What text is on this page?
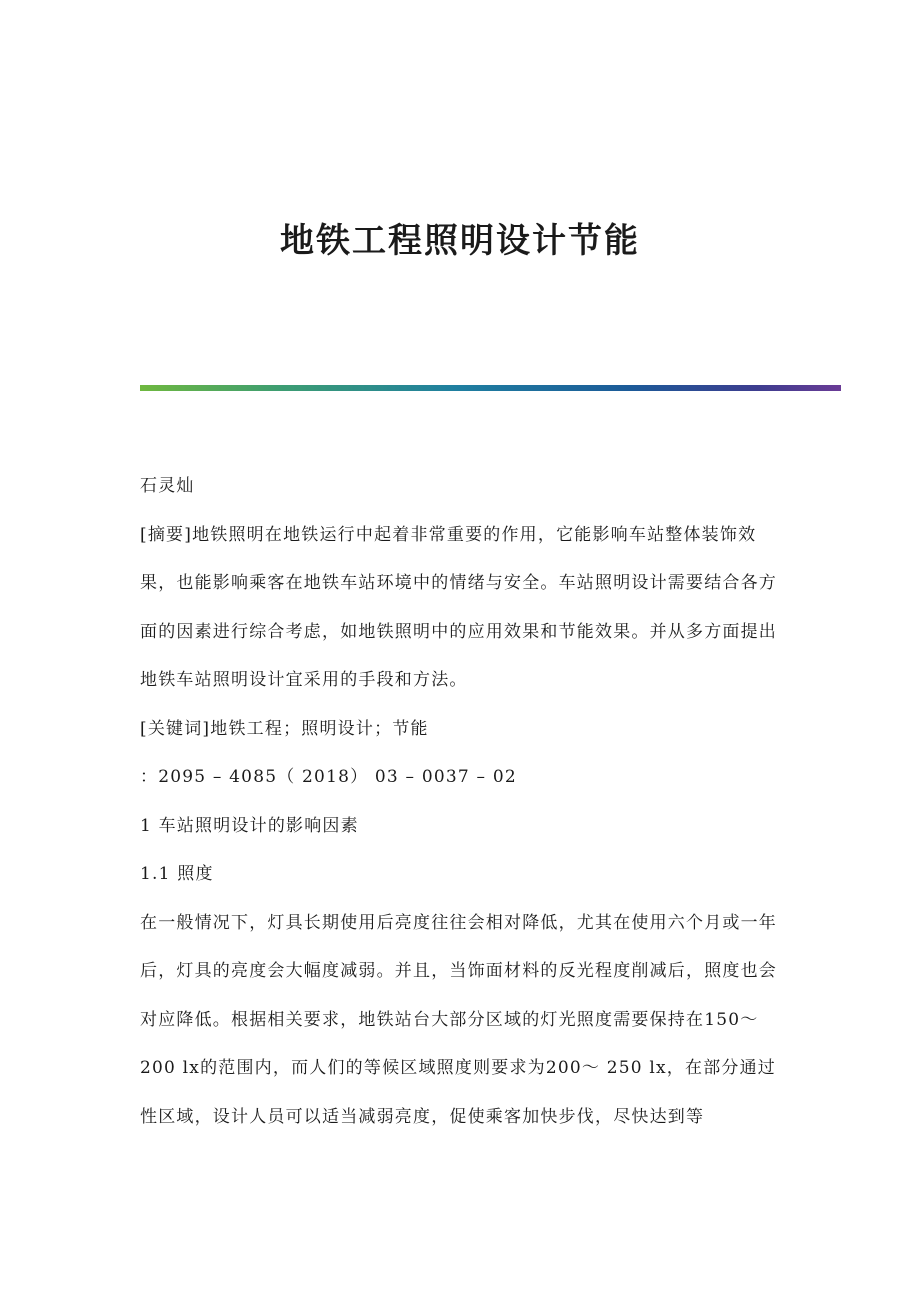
地铁工程照明设计节能

石灵灿

[摘要]地铁照明在地铁运行中起着非常重要的作用，它能影响车站整体装饰效果，也能影响乘客在地铁车站环境中的情绪与安全。车站照明设计需要结合各方面的因素进行综合考虑，如地铁照明中的应用效果和节能效果。并从多方面提出地铁车站照明设计宜采用的手段和方法。

[关键词]地铁工程；照明设计；节能

：2095 – 4085（ 2018） 03 – 0037 – 02

1 车站照明设计的影响因素

1.1 照度

在一般情况下，灯具长期使用后亮度往往会相对降低，尤其在使用六个月或一年后，灯具的亮度会大幅度减弱。并且，当饰面材料的反光程度削减后，照度也会对应降低。根据相关要求，地铁站台大部分区域的灯光照度需要保持在150～ 200 lx的范围内，而人们的等候区域照度则要求为200～ 250 lx，在部分通过性区域，设计人员可以适当减弱亮度，促使乘客加快步伐，尽快达到等
